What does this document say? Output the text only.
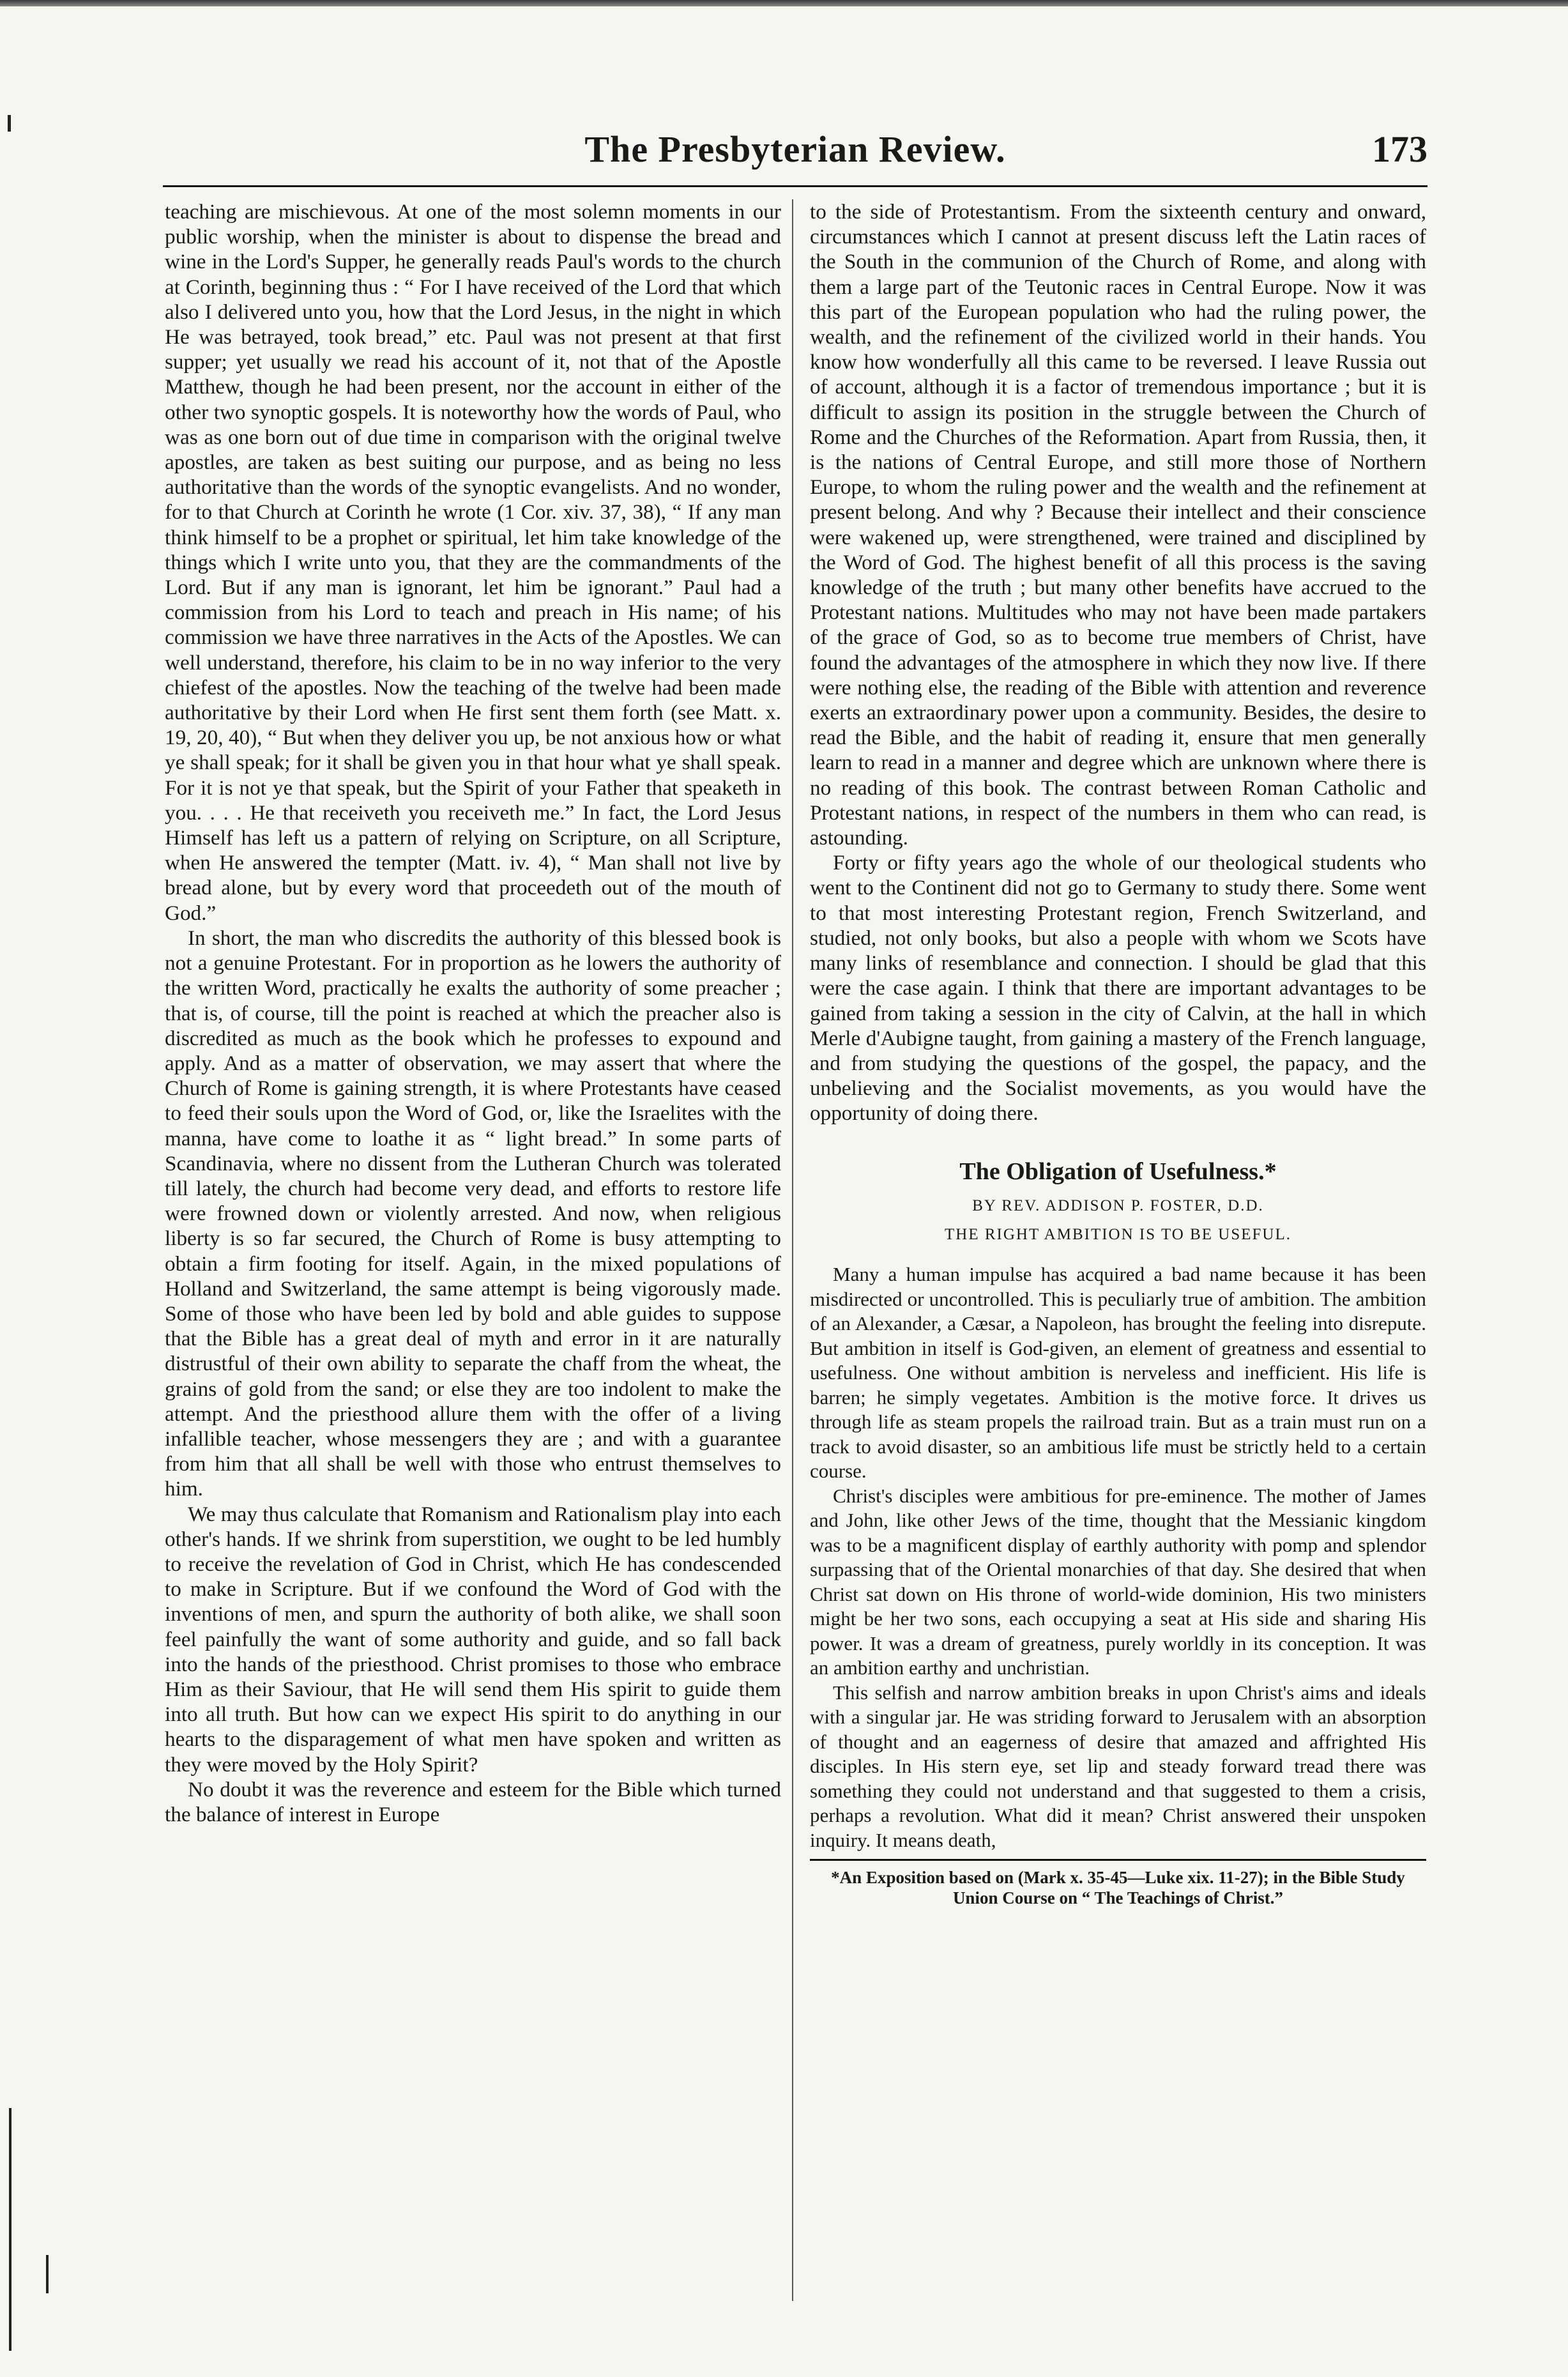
The Presbyterian Review.	173

teaching are mischievous. At one of the most solemn moments in our public worship, when the minister is about to dispense the bread and wine in the Lord's Supper, he generally reads Paul's words to the church at Corinth, beginning thus : “ For I have received of the Lord that which also I delivered unto you, how that the Lord Jesus, in the night in which He was betrayed, took bread,” etc. Paul was not present at that first supper; yet usually we read his account of it, not that of the Apostle Matthew, though he had been present, nor the account in either of the other two synoptic gospels. It is noteworthy how the words of Paul, who was as one born out of due time in comparison with the original twelve apostles, are taken as best suiting our purpose, and as being no less authoritative than the words of the synoptic evangelists. And no wonder, for to that Church at Corinth he wrote (1 Cor. xiv. 37, 38), “ If any man think himself to be a prophet or spiritual, let him take knowledge of the things which I write unto you, that they are the commandments of the Lord. But if any man is ignorant, let him be ignorant.” Paul had a commission from his Lord to teach and preach in His name; of his commission we have three narratives in the Acts of the Apostles. We can well understand, therefore, his claim to be in no way inferior to the very chiefest of the apostles. Now the teaching of the twelve had been made authoritative by their Lord when He first sent them forth (see Matt. x. 19, 20, 40), “ But when they deliver you up, be not anxious how or what ye shall speak; for it shall be given you in that hour what ye shall speak. For it is not ye that speak, but the Spirit of your Father that speaketh in you. . . . He that receiveth you receiveth me.” In fact, the Lord Jesus Himself has left us a pattern of relying on Scripture, on all Scripture, when He answered the tempter (Matt. iv. 4), “ Man shall not live by bread alone, but by every word that proceedeth out of the mouth of God.”

In short, the man who discredits the authority of this blessed book is not a genuine Protestant. For in proportion as he lowers the authority of the written Word, practically he exalts the authority of some preacher ; that is, of course, till the point is reached at which the preacher also is discredited as much as the book which he professes to expound and apply. And as a matter of observation, we may assert that where the Church of Rome is gaining strength, it is where Protestants have ceased to feed their souls upon the Word of God, or, like the Israelites with the manna, have come to loathe it as “ light bread.” In some parts of Scandinavia, where no dissent from the Lutheran Church was tolerated till lately, the church had become very dead, and efforts to restore life were frowned down or violently arrested. And now, when religious liberty is so far secured, the Church of Rome is busy attempting to obtain a firm footing for itself. Again, in the mixed populations of Holland and Switzerland, the same attempt is being vigorously made. Some of those who have been led by bold and able guides to suppose that the Bible has a great deal of myth and error in it are naturally distrustful of their own ability to separate the chaff from the wheat, the grains of gold from the sand; or else they are too indolent to make the attempt. And the priesthood allure them with the offer of a living infallible teacher, whose messengers they are ; and with a guarantee from him that all shall be well with those who entrust themselves to him.

We may thus calculate that Romanism and Rationalism play into each other's hands. If we shrink from superstition, we ought to be led humbly to receive the revelation of God in Christ, which He has condescended to make in Scripture. But if we confound the Word of God with the inventions of men, and spurn the authority of both alike, we shall soon feel painfully the want of some authority and guide, and so fall back into the hands of the priesthood. Christ promises to those who embrace Him as their Saviour, that He will send them His spirit to guide them into all truth. But how can we expect His spirit to do anything in our hearts to the disparagement of what men have spoken and written as they were moved by the Holy Spirit?

No doubt it was the reverence and esteem for the Bible which turned the balance of interest in Europe

to the side of Protestantism. From the sixteenth century and onward, circumstances which I cannot at present discuss left the Latin races of the South in the communion of the Church of Rome, and along with them a large part of the Teutonic races in Central Europe. Now it was this part of the European population who had the ruling power, the wealth, and the refinement of the civilized world in their hands. You know how wonderfully all this came to be reversed. I leave Russia out of account, although it is a factor of tremendous importance ; but it is difficult to assign its position in the struggle between the Church of Rome and the Churches of the Reformation. Apart from Russia, then, it is the nations of Central Europe, and still more those of Northern Europe, to whom the ruling power and the wealth and the refinement at present belong. And why ? Because their intellect and their conscience were wakened up, were strengthened, were trained and disciplined by the Word of God. The highest benefit of all this process is the saving knowledge of the truth ; but many other benefits have accrued to the Protestant nations. Multitudes who may not have been made partakers of the grace of God, so as to become true members of Christ, have found the advantages of the atmosphere in which they now live. If there were nothing else, the reading of the Bible with attention and reverence exerts an extraordinary power upon a community. Besides, the desire to read the Bible, and the habit of reading it, ensure that men generally learn to read in a manner and degree which are unknown where there is no reading of this book. The contrast between Roman Catholic and Protestant nations, in respect of the numbers in them who can read, is astounding.

Forty or fifty years ago the whole of our theological students who went to the Continent did not go to Germany to study there. Some went to that most interesting Protestant region, French Switzerland, and studied, not only books, but also a people with whom we Scots have many links of resemblance and connection. I should be glad that this were the case again. I think that there are important advantages to be gained from taking a session in the city of Calvin, at the hall in which Merle d'Aubigne taught, from gaining a mastery of the French language, and from studying the questions of the gospel, the papacy, and the unbelieving and the Socialist movements, as you would have the opportunity of doing there.

The Obligation of Usefulness.*
BY REV. ADDISON P. FOSTER, D.D.
THE RIGHT AMBITION IS TO BE USEFUL.

Many a human impulse has acquired a bad name because it has been misdirected or uncontrolled. This is peculiarly true of ambition. The ambition of an Alexander, a Cæsar, a Napoleon, has brought the feeling into disrepute. But ambition in itself is God-given, an element of greatness and essential to usefulness. One without ambition is nerveless and inefficient. His life is barren; he simply vegetates. Ambition is the motive force. It drives us through life as steam propels the railroad train. But as a train must run on a track to avoid disaster, so an ambitious life must be strictly held to a certain course.

Christ's disciples were ambitious for pre-eminence. The mother of James and John, like other Jews of the time, thought that the Messianic kingdom was to be a magnificent display of earthly authority with pomp and splendor surpassing that of the Oriental monarchies of that day. She desired that when Christ sat down on His throne of world-wide dominion, His two ministers might be her two sons, each occupying a seat at His side and sharing His power. It was a dream of greatness, purely worldly in its conception. It was an ambition earthy and unchristian.

This selfish and narrow ambition breaks in upon Christ's aims and ideals with a singular jar. He was striding forward to Jerusalem with an absorption of thought and an eagerness of desire that amazed and affrighted His disciples. In His stern eye, set lip and steady forward tread there was something they could not understand and that suggested to them a crisis, perhaps a revolution. What did it mean? Christ answered their unspoken inquiry. It means death,

*An Exposition based on (Mark x. 35-45—Luke xix. 11-27); in the Bible Study Union Course on “ The Teachings of Christ.”
